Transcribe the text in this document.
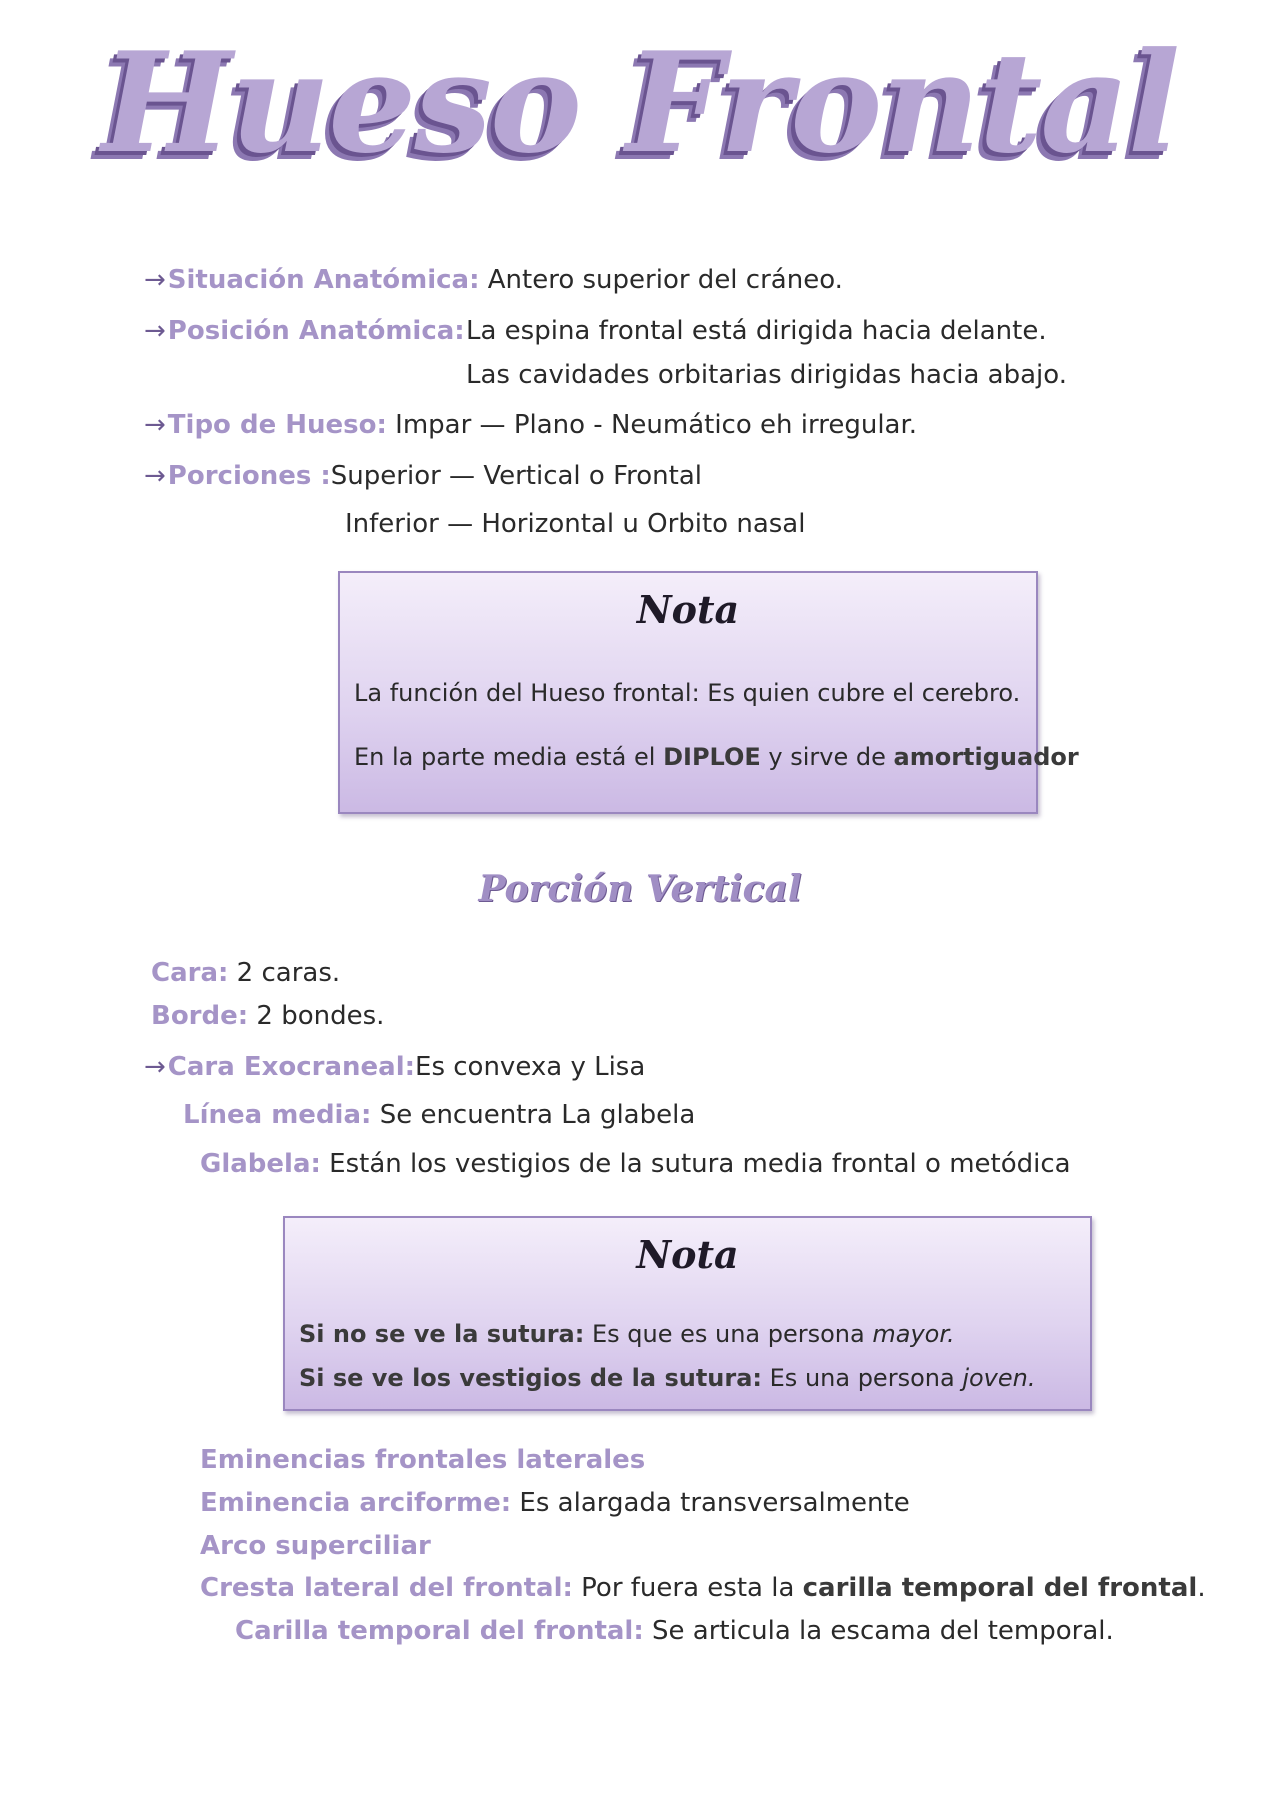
Hueso Frontal
→Situación Anatómica: Antero superior del cráneo.
→Posición Anatómica: La espina frontal está dirigida hacia delante.
Las cavidades orbitarias dirigidas hacia abajo.
→Tipo de Hueso: Impar — Plano - Neumático eh irregular.
→Porciones :Superior — Vertical o Frontal
Inferior — Horizontal u Orbito nasal
Nota
La función del Hueso frontal: Es quien cubre el cerebro.
En la parte media está el DIPLOE y sirve de amortiguador
Porción Vertical
Cara: 2 caras.
Borde: 2 bondes.
→Cara Exocraneal:Es convexa y Lisa
Línea media: Se encuentra La glabela
Glabela: Están los vestigios de la sutura media frontal o metódica
Nota
Si no se ve la sutura: Es que es una persona mayor.
Si se ve los vestigios de la sutura: Es una persona joven.
Eminencias frontales laterales
Eminencia arciforme: Es alargada transversalmente
Arco superciliar
Cresta lateral del frontal: Por fuera esta la carilla temporal del frontal.
Carilla temporal del frontal: Se articula la escama del temporal.
